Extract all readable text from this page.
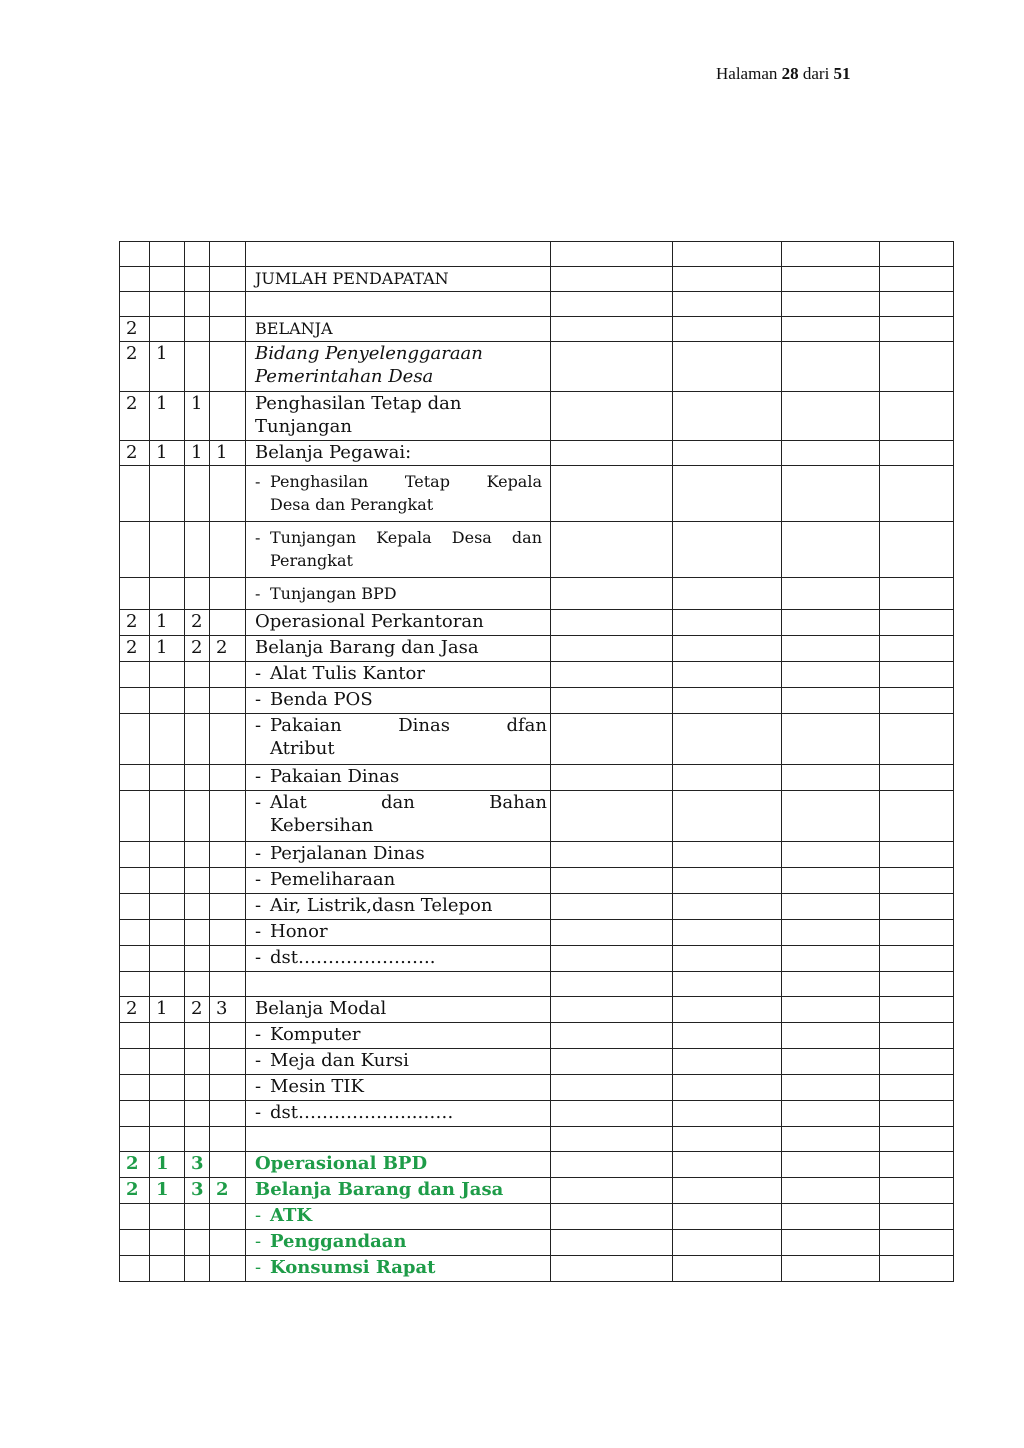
Halaman 28 dari 51

				JUMLAH PENDAPATAN				

2				BELANJA				
2	1			Bidang Penyelenggaraan Pemerintahan Desa				
2	1	1		Penghasilan Tetap dan Tunjangan				
2	1	1	1	Belanja Pegawai:				

				- Penghasilan Tetap Kepala
Desa dan Perangkat				

				- Tunjangan Kepala Desa dan
Perangkat				

				- Tunjangan BPD				

2	1	2		Operasional Perkantoran				
2	1	2	2	Belanja Barang dan Jasa				

				- Alat Tulis Kantor				

				- Benda POS				

				- Pakaian Dinas dfan
Atribut				

				- Pakaian Dinas				

				- Alat dan Bahan
Kebersihan				

				- Perjalanan Dinas				

				- Pemeliharaan				

				- Air, Listrik,dasn Telepon				

				- Honor				

				- dst…………………..				

2	1	2	3	Belanja Modal				

				- Komputer				

				- Meja dan Kursi				

				- Mesin TIK				

				- dst………………..……				

2	1	3		Operasional BPD				
2	1	3	2	Belanja Barang dan Jasa				

				- ATK				

				- Penggandaan				

				- Konsumsi Rapat				
